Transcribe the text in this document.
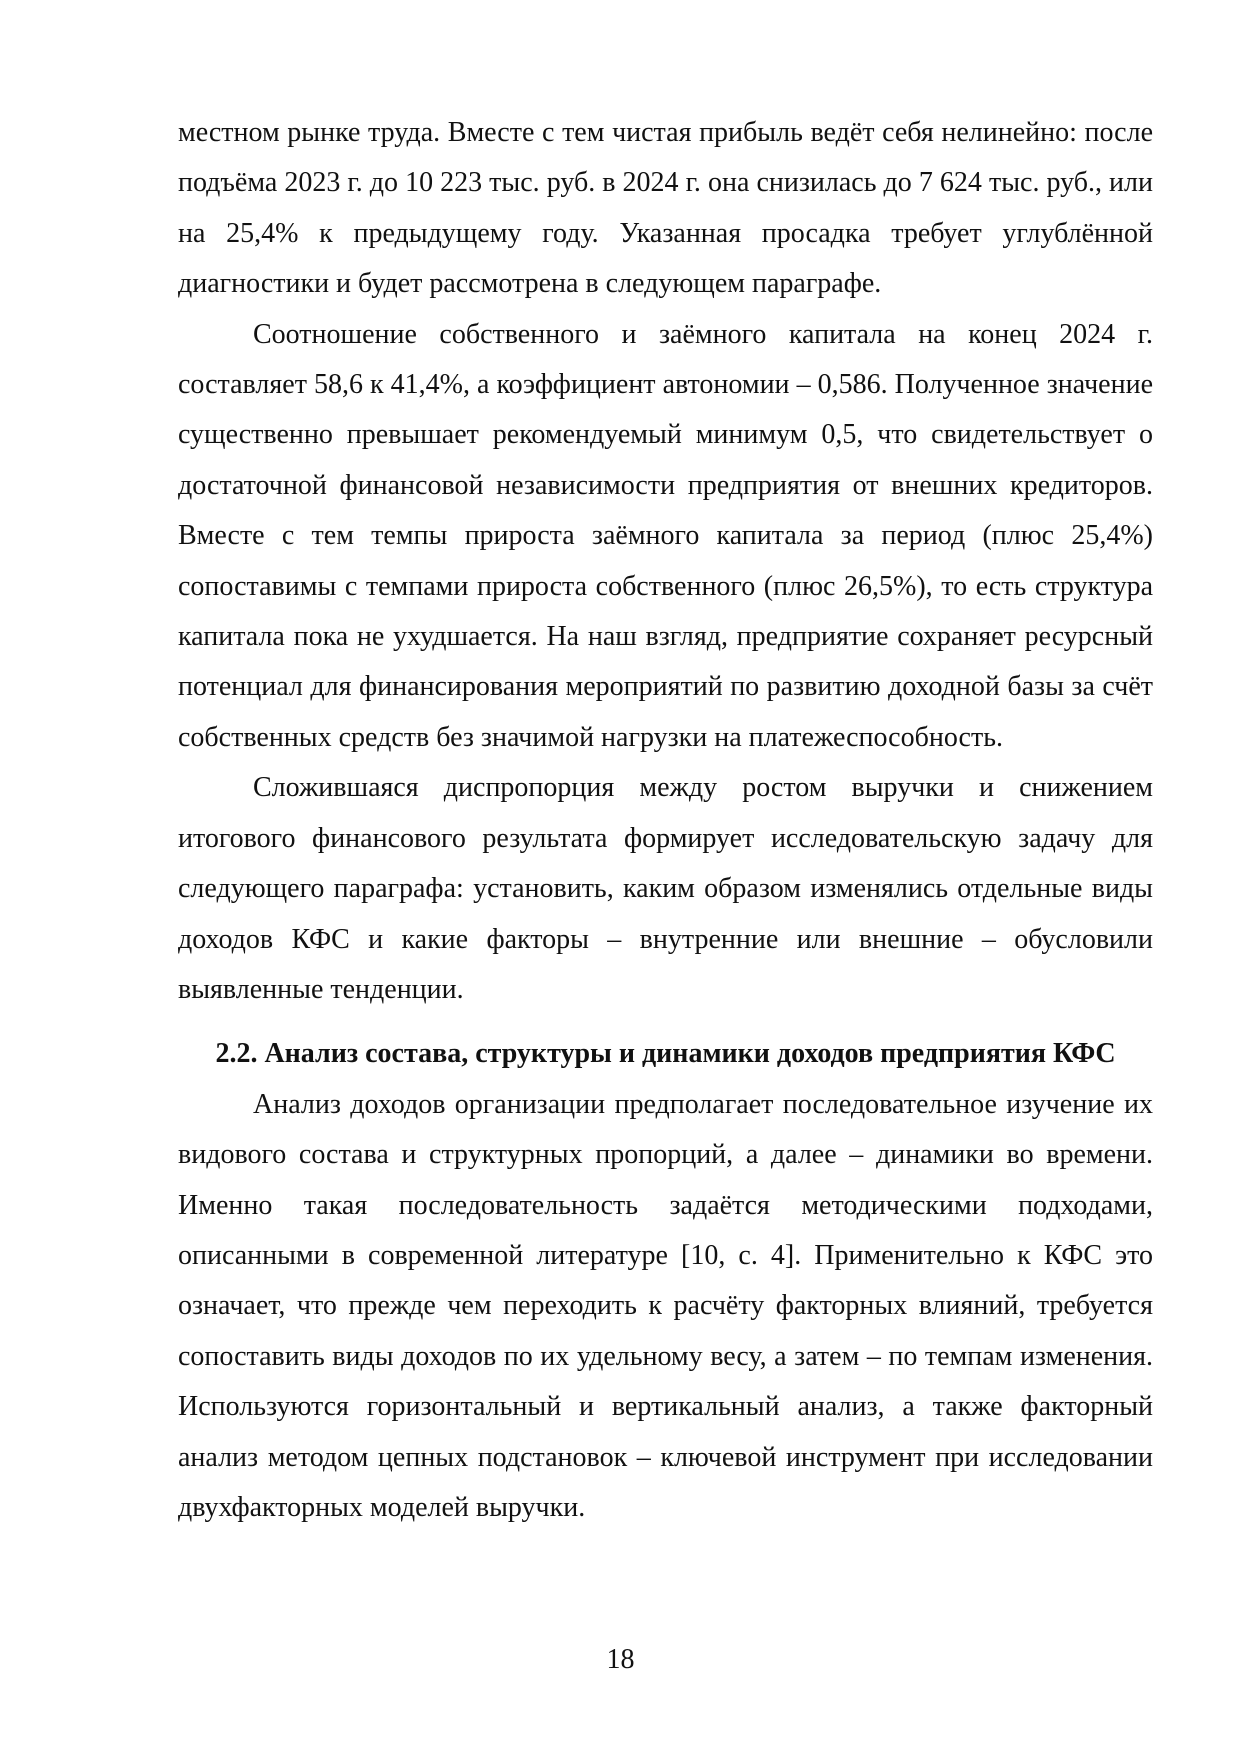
местном рынке труда. Вместе с тем чистая прибыль ведёт себя нелинейно: после подъёма 2023 г. до 10 223 тыс. руб. в 2024 г. она снизилась до 7 624 тыс. руб., или на 25,4% к предыдущему году. Указанная просадка требует углублённой диагностики и будет рассмотрена в следующем параграфе.

Соотношение собственного и заёмного капитала на конец 2024 г. составляет 58,6 к 41,4%, а коэффициент автономии – 0,586. Полученное значение существенно превышает рекомендуемый минимум 0,5, что свидетельствует о достаточной финансовой независимости предприятия от внешних кредиторов. Вместе с тем темпы прироста заёмного капитала за период (плюс 25,4%) сопоставимы с темпами прироста собственного (плюс 26,5%), то есть структура капитала пока не ухудшается. На наш взгляд, предприятие сохраняет ресурсный потенциал для финансирования мероприятий по развитию доходной базы за счёт собственных средств без значимой нагрузки на платежеспособность.

Сложившаяся диспропорция между ростом выручки и снижением итогового финансового результата формирует исследовательскую задачу для следующего параграфа: установить, каким образом изменялись отдельные виды доходов КФС и какие факторы – внутренние или внешние – обусловили выявленные тенденции.

2.2. Анализ состава, структуры и динамики доходов предприятия КФС

Анализ доходов организации предполагает последовательное изучение их видового состава и структурных пропорций, а далее – динамики во времени. Именно такая последовательность задаётся методическими подходами, описанными в современной литературе [10, с. 4]. Применительно к КФС это означает, что прежде чем переходить к расчёту факторных влияний, требуется сопоставить виды доходов по их удельному весу, а затем – по темпам изменения. Используются горизонтальный и вертикальный анализ, а также факторный анализ методом цепных подстановок – ключевой инструмент при исследовании двухфакторных моделей выручки.

18
